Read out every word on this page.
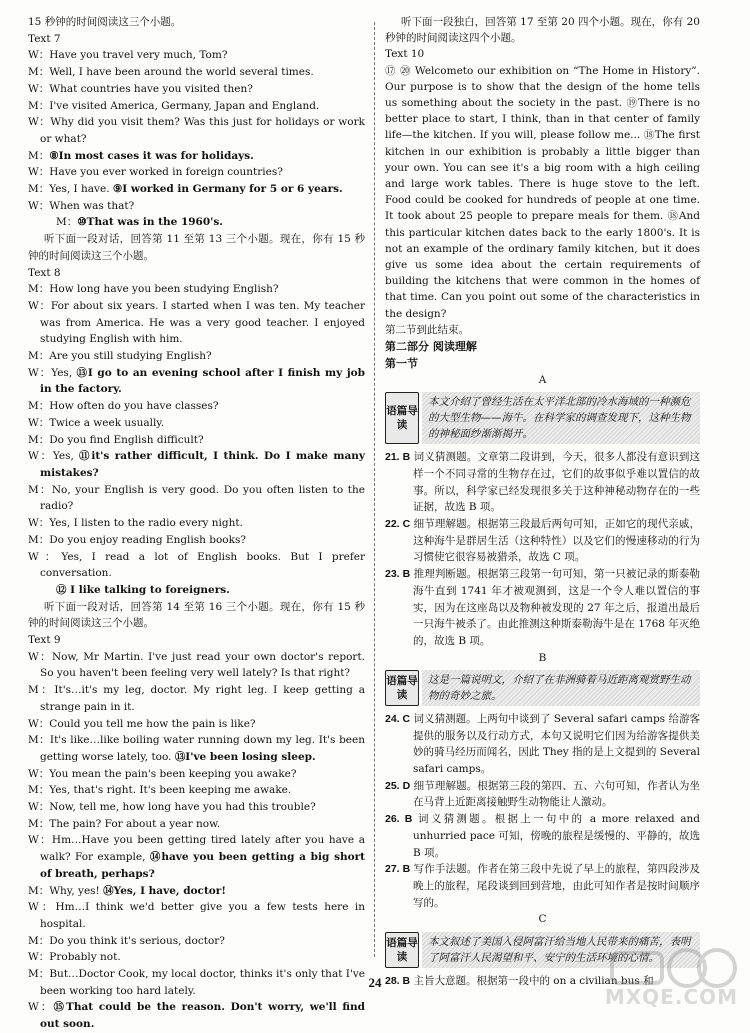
15 秒钟的时间阅读这三个小题。

Text 7

W：Have you travel very much, Tom?

M：Well, I have been around the world several times.

W：What countries have you visited then?

M：I've visited America, Germany, Japan and England.

W：Why did you visit them? Was this just for holidays or work or what?

M：⑧In most cases it was for holidays.

W：Have you ever worked in foreign countries?

M：Yes, I have. ⑨I worked in Germany for 5 or 6 years.

W：When was that?

M：⑩That was in the 1960's.

听下面一段对话，回答第 11 至第 13 三个小题。现在，你有 15 秒钟的时间阅读这三个小题。

Text 8

M：How long have you been studying English?

W：For about six years. I started when I was ten. My teacher was from America. He was a very good teacher. I enjoyed studying English with him.

M：Are you still studying English?

W：Yes, ⑬I go to an evening school after I finish my job in the factory.

M：How often do you have classes?

W：Twice a week usually.

M：Do you find English difficult?

W：Yes, ⑪it's rather difficult, I think. Do I make many mistakes?

M：No, your English is very good. Do you often listen to the radio?

W：Yes, I listen to the radio every night.

M：Do you enjoy reading English books?

W：Yes, I read a lot of English books. But I prefer conversation.

⑫ I like talking to foreigners.

听下面一段对话，回答第 14 至第 16 三个小题。现在，你有 15 秒钟的时间阅读这三个小题。

Text 9

W：Now, Mr Martin. I've just read your own doctor's report. So you haven't been feeling very well lately? Is that right?

M：It's…it's my leg, doctor. My right leg. I keep getting a strange pain in it.

W：Could you tell me how the pain is like?

M：It's like…like boiling water running down my leg. It's been getting worse lately, too. ⑬I've been losing sleep.

W：You mean the pain's been keeping you awake?

M：Yes, that's right. It's been keeping me awake.

W：Now, tell me, how long have you had this trouble?

M：The pain? For about a year now.

W：Hm…Have you been getting tired lately after you have a walk? For example, ⑭have you been getting a big short of breath, perhaps?

M：Why, yes! ⑭Yes, I have, doctor!

W：Hm…I think we'd better give you a few tests here in hospital.

M：Do you think it's serious, doctor?

W：Probably not.

M：But…Doctor Cook, my local doctor, thinks it's only that I've been working too hard lately.

W：⑮That could be the reason. Don't worry, we'll find out soon.

听下面一段独白，回答第 17 至第 20 四个小题。现在，你有 20 秒钟的时间阅读这四个小题。

Text 10

⑰ ⑳ Welcometo our exhibition on “The Home in History”. Our purpose is to show that the design of the home tells us something about the society in the past. ⑲There is no better place to start, I think, than in that center of family life—the kitchen. If you will, please follow me... ⑱The first kitchen in our exhibition is probably a little bigger than your own. You can see it's a big room with a high ceiling and large work tables. There is huge stove to the left. Food could be cooked for hundreds of people at one time. It took about 25 people to prepare meals for them. ⑱And this particular kitchen dates back to the early 1800's. It is not an example of the ordinary family kitchen, but it does give us some idea about the certain requirements of building the kitchens that were common in the homes of that time. Can you point out some of the characteristics in the design?

第二节到此结束。

第二部分 阅读理解

第一节

A

语篇导读
本文介绍了曾经生活在太平洋北部的冷水海域的一种濒危的大型生物——海牛。在科学家的调查发现下，这种生物的神秘面纱渐渐揭开。

21. B 词义猜测题。文章第二段讲到，今天，很多人都没有意识到这样一个不同寻常的生物存在过，它们的故事似乎难以置信的故事。所以，科学家已经发现很多关于这种神秘动物存在的一些证据，故选 B 项。

22. C 细节理解题。根据第三段最后两句可知，正如它的现代亲戚，这种海牛是群居生活（这种特性）以及它们的慢速移动的行为习惯使它很容易被猎杀，故选 C 项。

23. B 推理判断题。根据第三段第一句可知，第一只被记录的斯泰勒海牛直到 1741 年才被观测到，这是一个令人难以置信的事实，因为在这座岛以及物种被发现的 27 年之后，报道出最后一只海牛被杀了。由此推测这种斯泰勒海牛是在 1768 年灭绝的，故选 B 项。

B

语篇导读
这是一篇说明文，介绍了在非洲骑着马近距离观赏野生动物的奇妙之旅。

24. C 词义猜测题。上两句中谈到了 Several safari camps 给游客提供的服务以及行动方式，本句又说明它们因为给游客提供美妙的骑马经历而闻名，因此 They 指的是上文提到的 Several safari camps。

25. D 细节理解题。根据第三段的第四、五、六句可知，作者认为坐在马背上近距离接触野生动物能让人激动。

26. B 词义猜测题。根据上一句中的 a more relaxed and unhurried pace 可知，傍晚的旅程是缓慢的、平静的，故选 B 项。

27. B 写作手法题。作者在第三段中先说了早上的旅程，第四段涉及晚上的旅程，尾段谈到回到营地，由此可知作者是按时间顺序写的。

C

语篇导读
本文叙述了美国入侵阿富汗给当地人民带来的痛苦，表明了阿富汗人民渴望和平、安宁的生活环境的心情。

28. B 主旨大意题。根据第一段中的 on a civilian bus 和

24
MXQE.COM
